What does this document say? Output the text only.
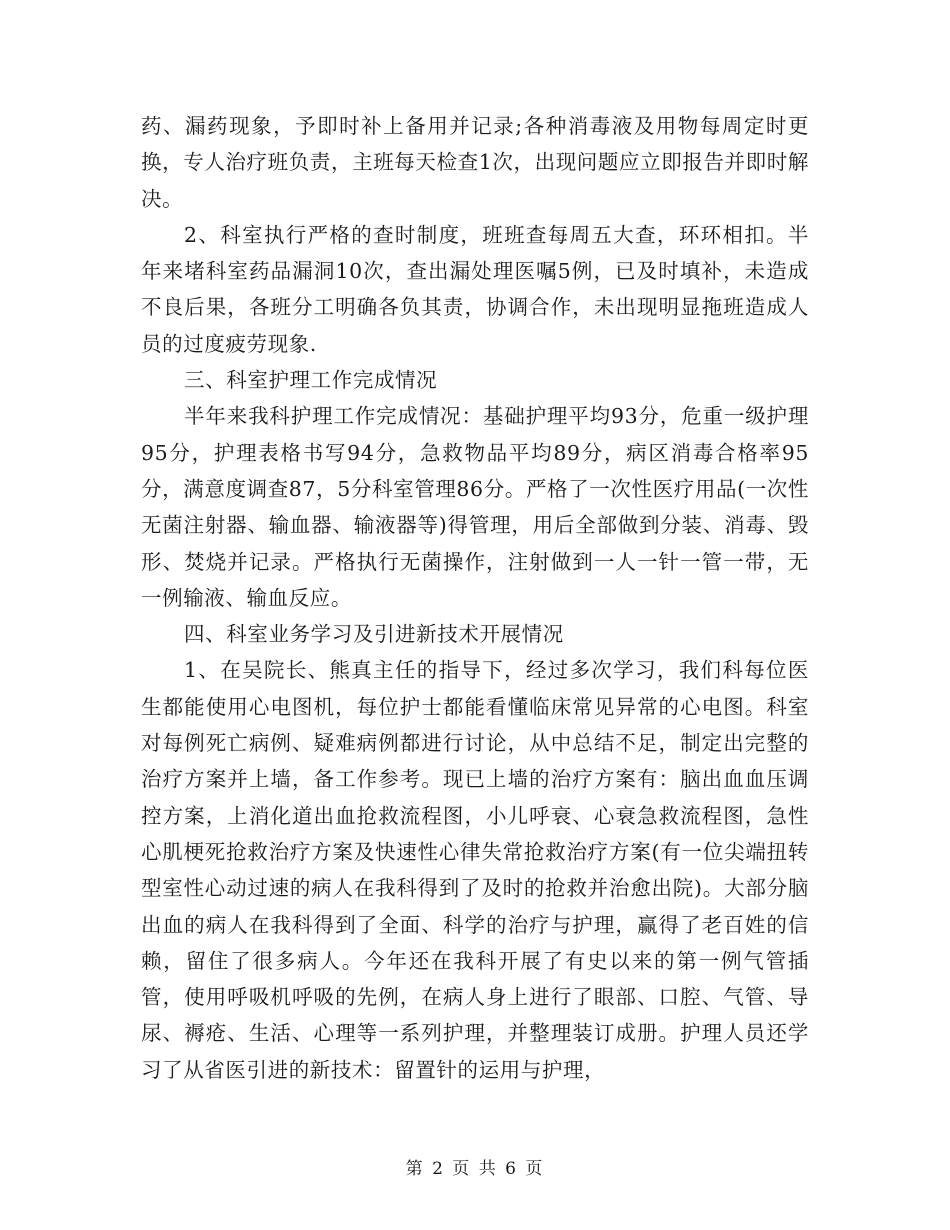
药、漏药现象，予即时补上备用并记录;各种消毒液及用物每周定时更换，专人治疗班负责，主班每天检查1次，出现问题应立即报告并即时解决。

2、科室执行严格的查时制度，班班查每周五大查，环环相扣。半年来堵科室药品漏洞10次，查出漏处理医嘱5例，已及时填补，未造成不良后果，各班分工明确各负其责，协调合作，未出现明显拖班造成人员的过度疲劳现象.

三、科室护理工作完成情况

半年来我科护理工作完成情况：基础护理平均93分，危重一级护理95分，护理表格书写94分，急救物品平均89分，病区消毒合格率95分，满意度调查87，5分科室管理86分。严格了一次性医疗用品(一次性无菌注射器、输血器、输液器等)得管理，用后全部做到分装、消毒、毁形、焚烧并记录。严格执行无菌操作，注射做到一人一针一管一带，无一例输液、输血反应。

四、科室业务学习及引进新技术开展情况

1、在吴院长、熊真主任的指导下，经过多次学习，我们科每位医生都能使用心电图机，每位护士都能看懂临床常见异常的心电图。科室对每例死亡病例、疑难病例都进行讨论，从中总结不足，制定出完整的治疗方案并上墙，备工作参考。现已上墙的治疗方案有：脑出血血压调控方案，上消化道出血抢救流程图，小儿呼衰、心衰急救流程图，急性心肌梗死抢救治疗方案及快速性心律失常抢救治疗方案(有一位尖端扭转型室性心动过速的病人在我科得到了及时的抢救并治愈出院)。大部分脑出血的病人在我科得到了全面、科学的治疗与护理，赢得了老百姓的信赖，留住了很多病人。今年还在我科开展了有史以来的第一例气管插管，使用呼吸机呼吸的先例，在病人身上进行了眼部、口腔、气管、导尿、褥疮、生活、心理等一系列护理，并整理装订成册。护理人员还学习了从省医引进的新技术：留置针的运用与护理，

第 2 页 共 6 页
